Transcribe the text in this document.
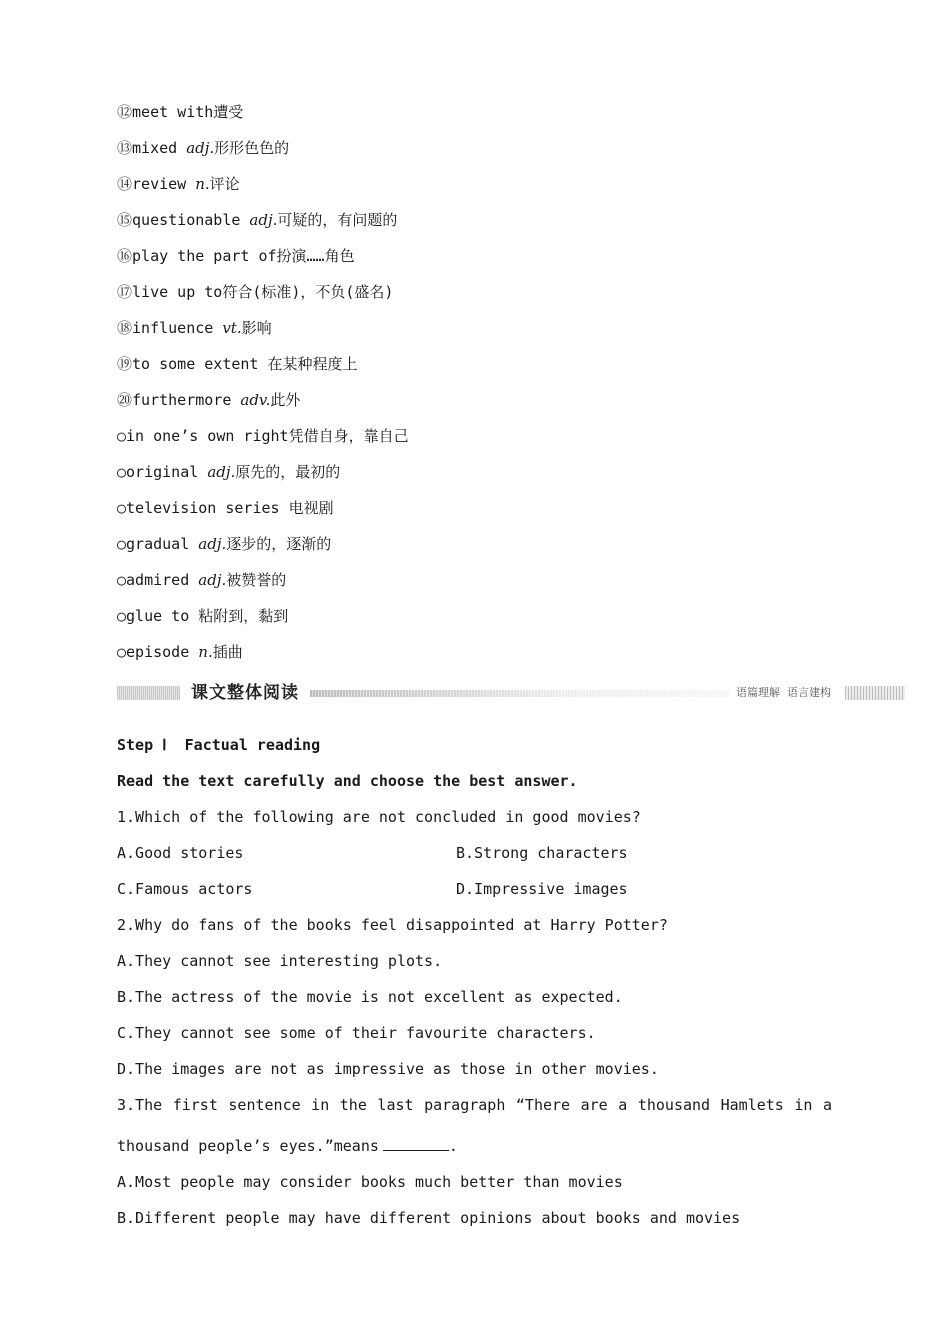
⑫meet with遭受
⑬mixed adj.形形色色的
⑭review n.评论
⑮questionable adj.可疑的，有问题的
⑯play the part of扮演……角色
⑰live up to符合(标准)，不负(盛名)
⑱influence vt.影响
⑲to some extent 在某种程度上
⑳furthermore adv.此外
○in one’s own right凭借自身，靠自己
○original adj.原先的，最初的
○television series 电视剧
○gradual adj.逐步的，逐渐的
○admired adj.被赞誉的
○glue to 粘附到，黏到
○episode n.插曲
课文整体阅读	语篇理解  语言建构
Step Ⅰ  Factual reading
Read the text carefully and choose the best answer.
1.Which of the following are not concluded in good movies?
A.Good stories	B.Strong characters
C.Famous actors	D.Impressive images
2.Why do fans of the books feel disappointed at Harry Potter?
A.They cannot see interesting plots.
B.The actress of the movie is not excellent as expected.
C.They cannot see some of their favourite characters.
D.The images are not as impressive as those in other movies.
3.The first sentence in the last paragraph “There are a thousand Hamlets in a
thousand people’s eyes.”means	.
A.Most people may consider books much better than movies
B.Different people may have different opinions about books and movies
